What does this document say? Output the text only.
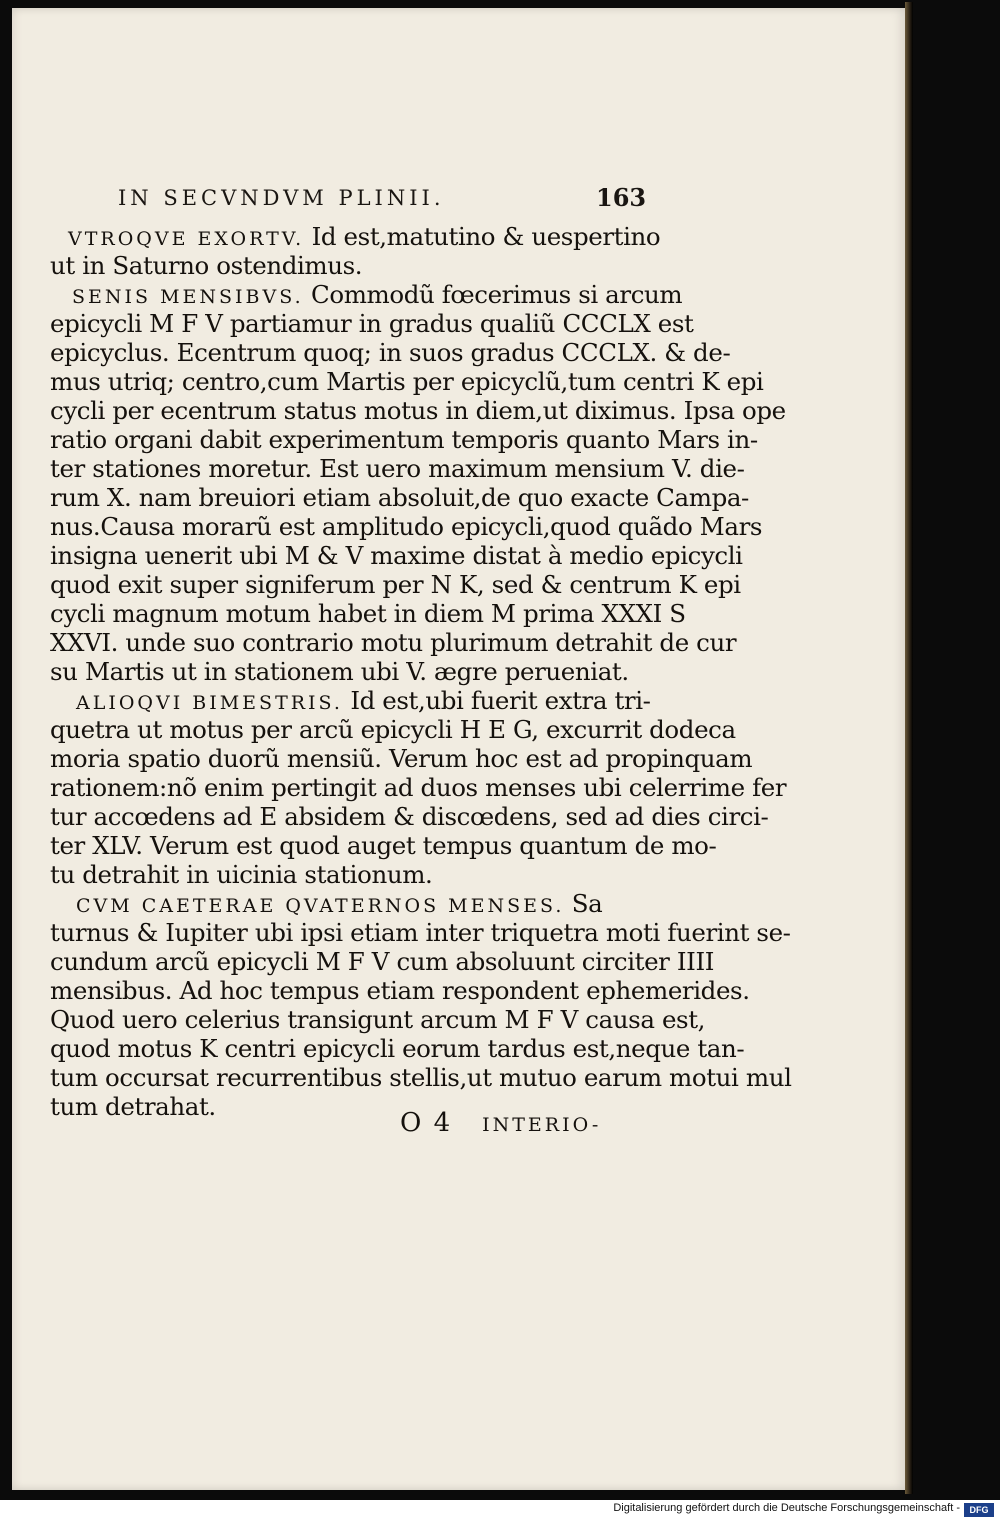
IN SECVNDVM PLINII.	163
VTROQVE EXORTV. Id est,matutino & uespertino
ut in Saturno ostendimus.
SENIS MENSIBVS. Commodũ fœcerimus si arcum
epicycli M F V partiamur in gradus qualiũ CCCLX est
epicyclus. Ecentrum quoq; in suos gradus CCCLX. & de-
mus utriq; centro,cum Martis per epicyclũ,tum centri K epi
cycli per ecentrum status motus in diem,ut diximus. Ipsa ope
ratio organi dabit experimentum temporis quanto Mars in-
ter stationes moretur. Est uero maximum mensium V. die-
rum X. nam breuiori etiam absoluit,de quo exacte Campa-
nus.Causa morarũ est amplitudo epicycli,quod quãdo Mars
insigna uenerit ubi M & V maxime distat à medio epicycli
quod exit super signiferum per N K, sed & centrum K epi
cycli magnum motum habet in diem M prima XXXI S
XXVI. unde suo contrario motu plurimum detrahit de cur
su Martis ut in stationem ubi V. ægre perueniat.
ALIOQVI BIMESTRIS. Id est,ubi fuerit extra tri-
quetra ut motus per arcũ epicycli H E G, excurrit dodeca
moria spatio duorũ mensiũ. Verum hoc est ad propinquam
rationem:nõ enim pertingit ad duos menses ubi celerrime fer
tur accœdens ad E absidem & discœdens, sed ad dies circi-
ter XLV. Verum est quod auget tempus quantum de mo-
tu detrahit in uicinia stationum.
CVM CAETERAE QVATERNOS MENSES. Sa
turnus & Iupiter ubi ipsi etiam inter triquetra moti fuerint se-
cundum arcũ epicycli M F V cum absoluunt circiter IIII
mensibus. Ad hoc tempus etiam respondent ephemerides.
Quod uero celerius transigunt arcum M F V causa est,
quod motus K centri epicycli eorum tardus est,neque tan-
tum occursat recurrentibus stellis,ut mutuo earum motui mul
tum detrahat.
O 4 INTERIO-
Digitalisierung gefördert durch die Deutsche Forschungsgemeinschaft -	DFG
